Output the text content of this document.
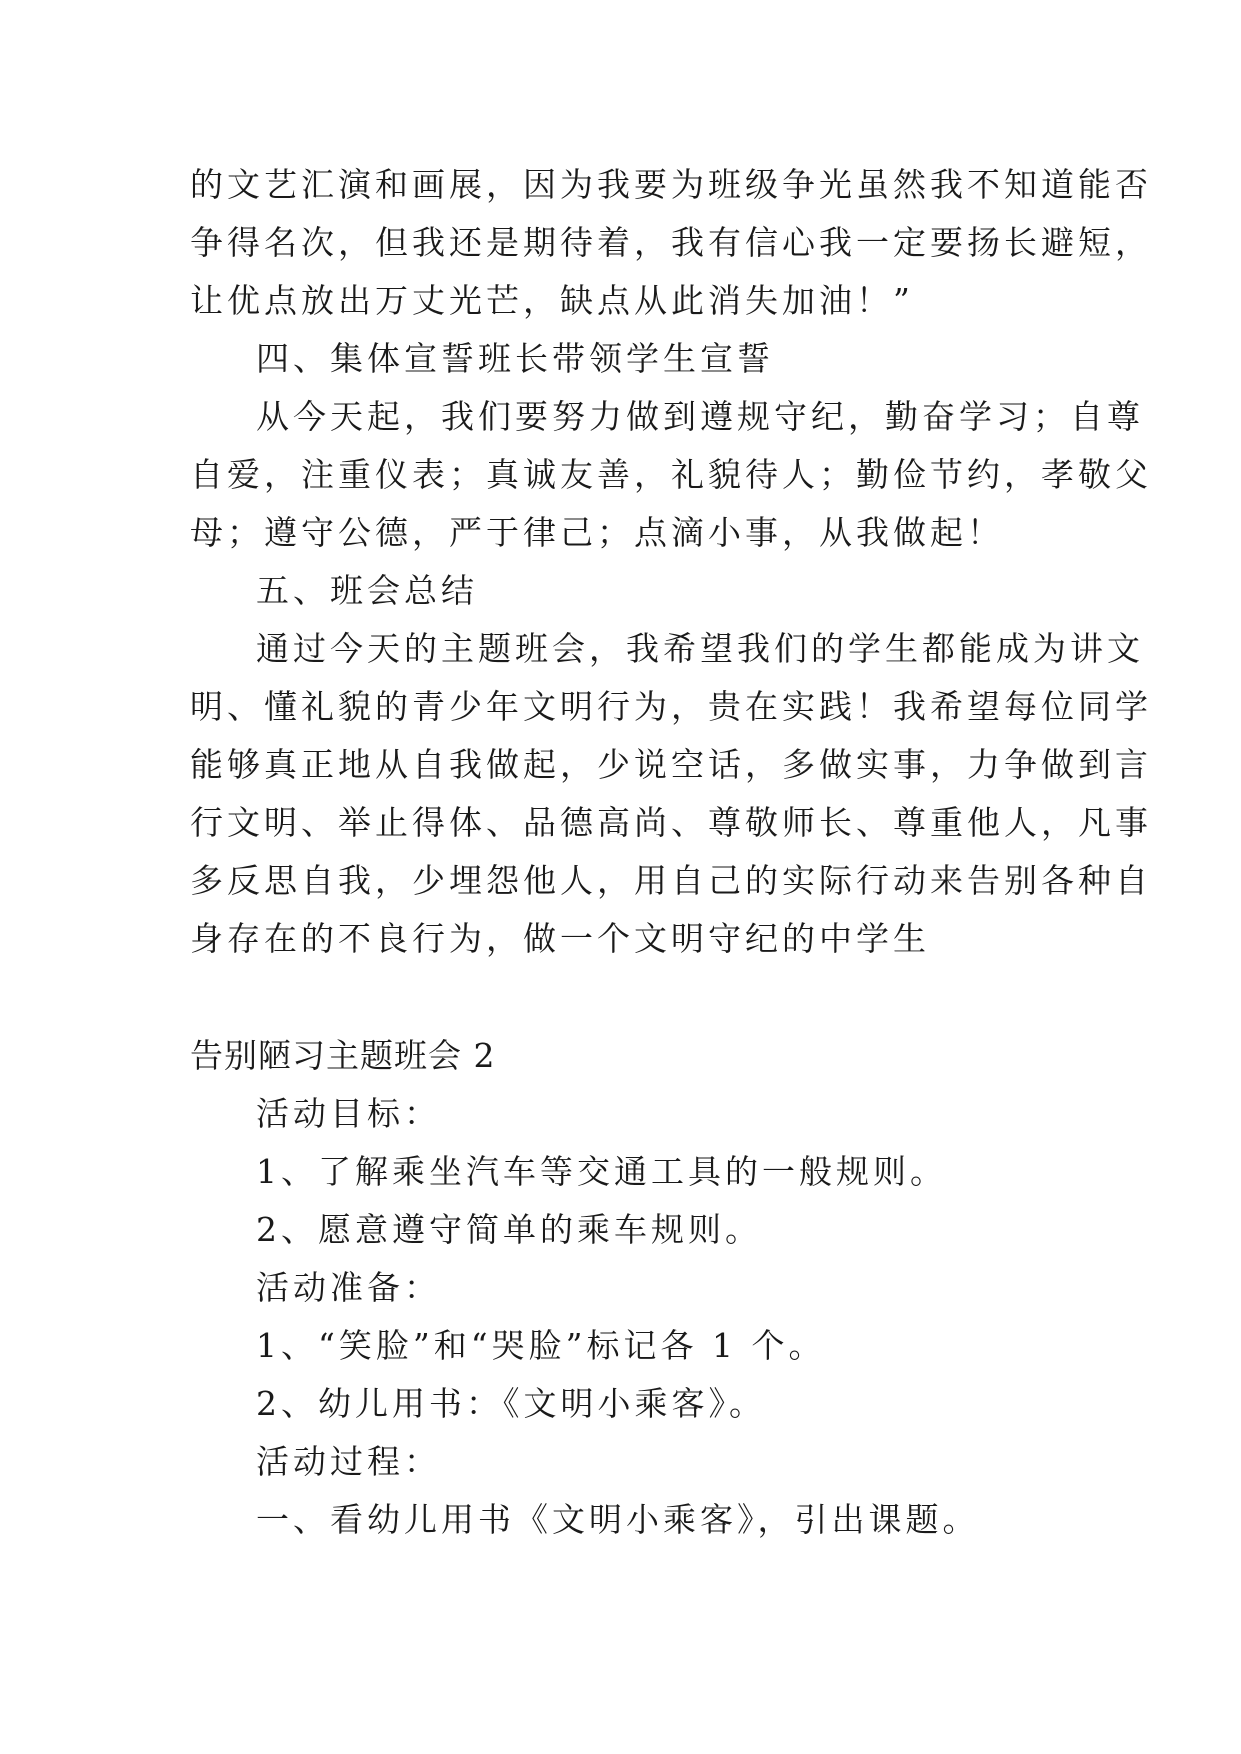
的文艺汇演和画展，因为我要为班级争光虽然我不知道能否
争得名次，但我还是期待着，我有信心我一定要扬长避短，
让优点放出万丈光芒，缺点从此消失加油！”
四、集体宣誓班长带领学生宣誓
从今天起，我们要努力做到遵规守纪，勤奋学习；自尊
自爱，注重仪表；真诚友善，礼貌待人；勤俭节约，孝敬父
母；遵守公德，严于律己；点滴小事，从我做起！
五、班会总结
通过今天的主题班会，我希望我们的学生都能成为讲文
明、懂礼貌的青少年文明行为，贵在实践！我希望每位同学
能够真正地从自我做起，少说空话，多做实事，力争做到言
行文明、举止得体、品德高尚、尊敬师长、尊重他人，凡事
多反思自我，少埋怨他人，用自己的实际行动来告别各种自
身存在的不良行为，做一个文明守纪的中学生
告别陋习主题班会 2
活动目标：
1、了解乘坐汽车等交通工具的一般规则。
2、愿意遵守简单的乘车规则。
活动准备：
1、“笑脸”和“哭脸”标记各 1 个。
2、幼儿用书：《文明小乘客》。
活动过程：
一、看幼儿用书《文明小乘客》，引出课题。
